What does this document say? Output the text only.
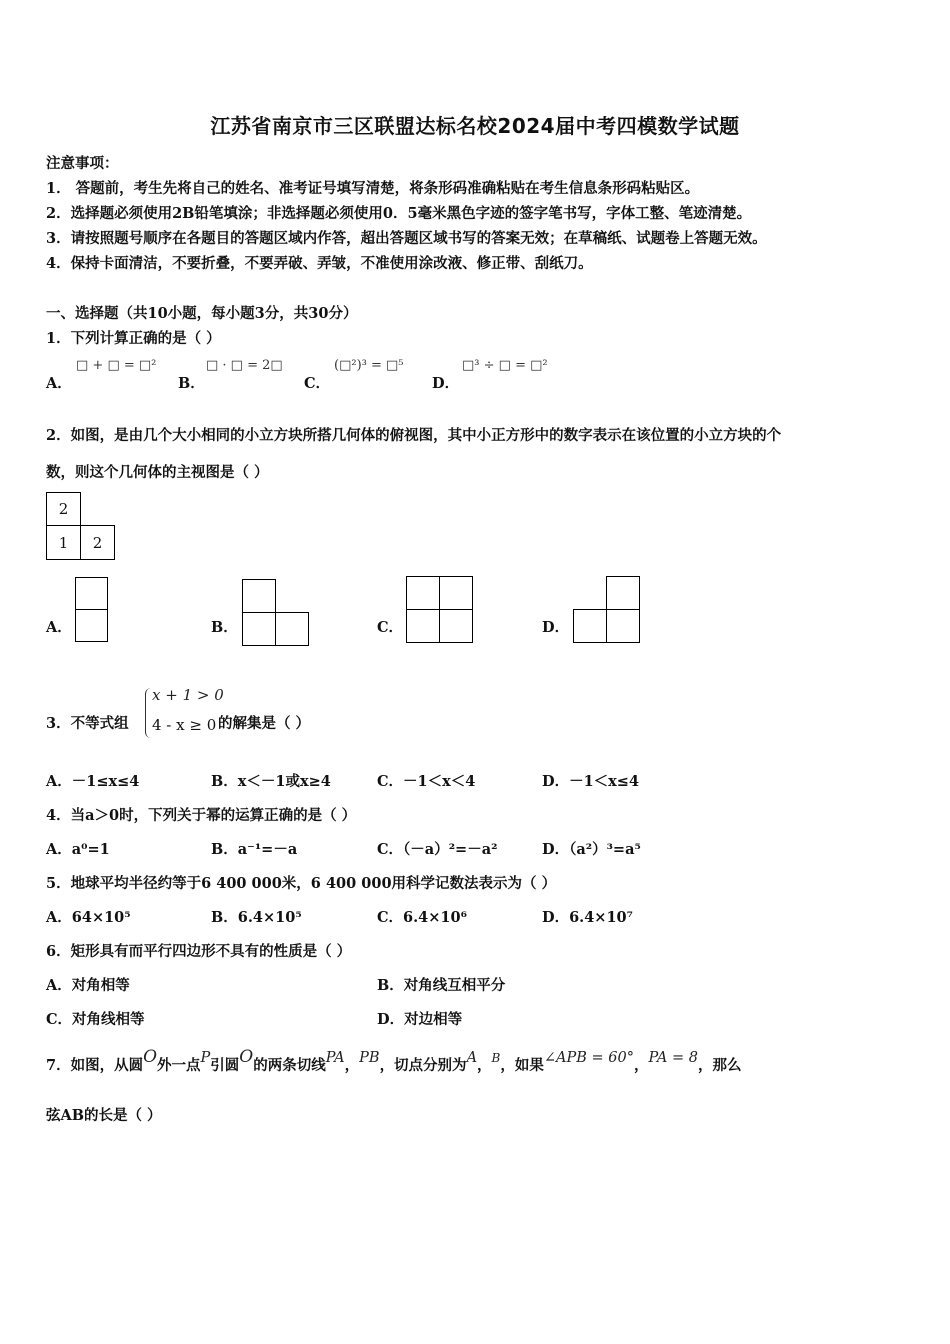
江苏省南京市三区联盟达标名校2024届中考四模数学试题
注意事项：
1． 答题前，考生先将自己的姓名、准考证号填写清楚，将条形码准确粘贴在考生信息条形码粘贴区。
2．选择题必须使用2B铅笔填涂；非选择题必须使用0．5毫米黑色字迹的签字笔书写，字体工整、笔迹清楚。
3．请按照题号顺序在各题目的答题区域内作答，超出答题区域书写的答案无效；在草稿纸、试题卷上答题无效。
4．保持卡面清洁，不要折叠，不要弄破、弄皱，不准使用涂改液、修正带、刮纸刀。
一、选择题（共10小题，每小题3分，共30分）
1．下列计算正确的是（ ）
A．
□ + □ = □²
B．
□ · □ = 2□
C．
(□²)³ = □⁵
D．
□³ ÷ □ = □²
2．如图，是由几个大小相同的小立方块所搭几何体的俯视图，其中小正方形中的数字表示在该位置的小立方块的个
数，则这个几何体的主视图是（ ）
2
1	2
A．	B．	C．	D．
3．不等式组
x + 1 > 0
4 - x ≥ 0 的解集是（ ）
A．－1≤x≤4	B．x＜－1或x≥4	C．－1＜x＜4	D．－1＜x≤4
4．当a＞0时，下列关于幂的运算正确的是（ ）
A．a⁰=1	B．a⁻¹=－a	C．（－a）²=－a²	D．（a²）³=a⁵
5．地球平均半径约等于6 400 000米，6 400 000用科学记数法表示为（ ）
A．64×10⁵	B．6.4×10⁵	C．6.4×10⁶	D．6.4×10⁷
6．矩形具有而平行四边形不具有的性质是（ ）
A．对角相等	B．对角线互相平分
C．对角线相等	D．对边相等
7．如图，从圆O外一点P引圆O的两条切线PA，PB，切点分别为A，$^B$，如果∠APB = 60°，PA = 8，那么
弦AB的长是（ ）
